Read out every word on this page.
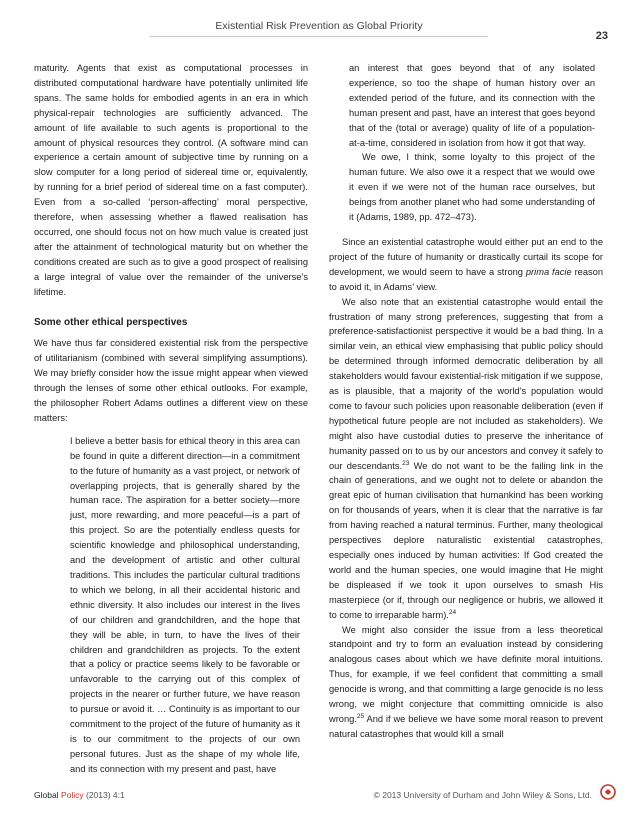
Existential Risk Prevention as Global Priority
23

maturity. Agents that exist as computational processes in distributed computational hardware have potentially unlimited life spans. The same holds for embodied agents in an era in which physical-repair technologies are sufficiently advanced. The amount of life available to such agents is proportional to the amount of physical resources they control. (A software mind can experience a certain amount of subjective time by running on a slow computer for a long period of sidereal time or, equivalently, by running for a brief period of sidereal time on a fast computer). Even from a so-called ‘person-affecting’ moral perspective, therefore, when assessing whether a flawed realisation has occurred, one should focus not on how much value is created just after the attainment of technological maturity but on whether the conditions created are such as to give a good prospect of realising a large integral of value over the remainder of the universe’s lifetime.

Some other ethical perspectives

We have thus far considered existential risk from the perspective of utilitarianism (combined with several simplifying assumptions). We may briefly consider how the issue might appear when viewed through the lenses of some other ethical outlooks. For example, the philosopher Robert Adams outlines a different view on these matters:

I believe a better basis for ethical theory in this area can be found in quite a different direction—in a commitment to the future of humanity as a vast project, or network of overlapping projects, that is generally shared by the human race. The aspiration for a better society—more just, more rewarding, and more peaceful—is a part of this project. So are the potentially endless quests for scientific knowledge and philosophical understanding, and the development of artistic and other cultural traditions. This includes the particular cultural traditions to which we belong, in all their accidental historic and ethnic diversity. It also includes our interest in the lives of our children and grandchildren, and the hope that they will be able, in turn, to have the lives of their children and grandchildren as projects. To the extent that a policy or practice seems likely to be favorable or unfavorable to the carrying out of this complex of projects in the nearer or further future, we have reason to pursue or avoid it. … Continuity is as important to our commitment to the project of the future of humanity as it is to our commitment to the projects of our own personal futures. Just as the shape of my whole life, and its connection with my present and past, have

an interest that goes beyond that of any isolated experience, so too the shape of human history over an extended period of the future, and its connection with the human present and past, have an interest that goes beyond that of the (total or average) quality of life of a population-at-a-time, considered in isolation from how it got that way.

We owe, I think, some loyalty to this project of the human future. We also owe it a respect that we would owe it even if we were not of the human race ourselves, but beings from another planet who had some understanding of it (Adams, 1989, pp. 472–473).

Since an existential catastrophe would either put an end to the project of the future of humanity or drastically curtail its scope for development, we would seem to have a strong prima facie reason to avoid it, in Adams’ view.

We also note that an existential catastrophe would entail the frustration of many strong preferences, suggesting that from a preference-satisfactionist perspective it would be a bad thing. In a similar vein, an ethical view emphasising that public policy should be determined through informed democratic deliberation by all stakeholders would favour existential-risk mitigation if we suppose, as is plausible, that a majority of the world’s population would come to favour such policies upon reasonable deliberation (even if hypothetical future people are not included as stakeholders). We might also have custodial duties to preserve the inheritance of humanity passed on to us by our ancestors and convey it safely to our descendants.$^{23}$ We do not want to be the failing link in the chain of generations, and we ought not to delete or abandon the great epic of human civilisation that humankind has been working on for thousands of years, when it is clear that the narrative is far from having reached a natural terminus. Further, many theological perspectives deplore naturalistic existential catastrophes, especially ones induced by human activities: If God created the world and the human species, one would imagine that He might be displeased if we took it upon ourselves to smash His masterpiece (or if, through our negligence or hubris, we allowed it to come to irreparable harm).$^{24}$

We might also consider the issue from a less theoretical standpoint and try to form an evaluation instead by considering analogous cases about which we have definite moral intuitions. Thus, for example, if we feel confident that committing a small genocide is wrong, and that committing a large genocide is no less wrong, we might conjecture that committing omnicide is also wrong.$^{25}$ And if we believe we have some moral reason to prevent natural catastrophes that would kill a small

Global Policy (2013) 4:1	© 2013 University of Durham and John Wiley & Sons, Ltd.
